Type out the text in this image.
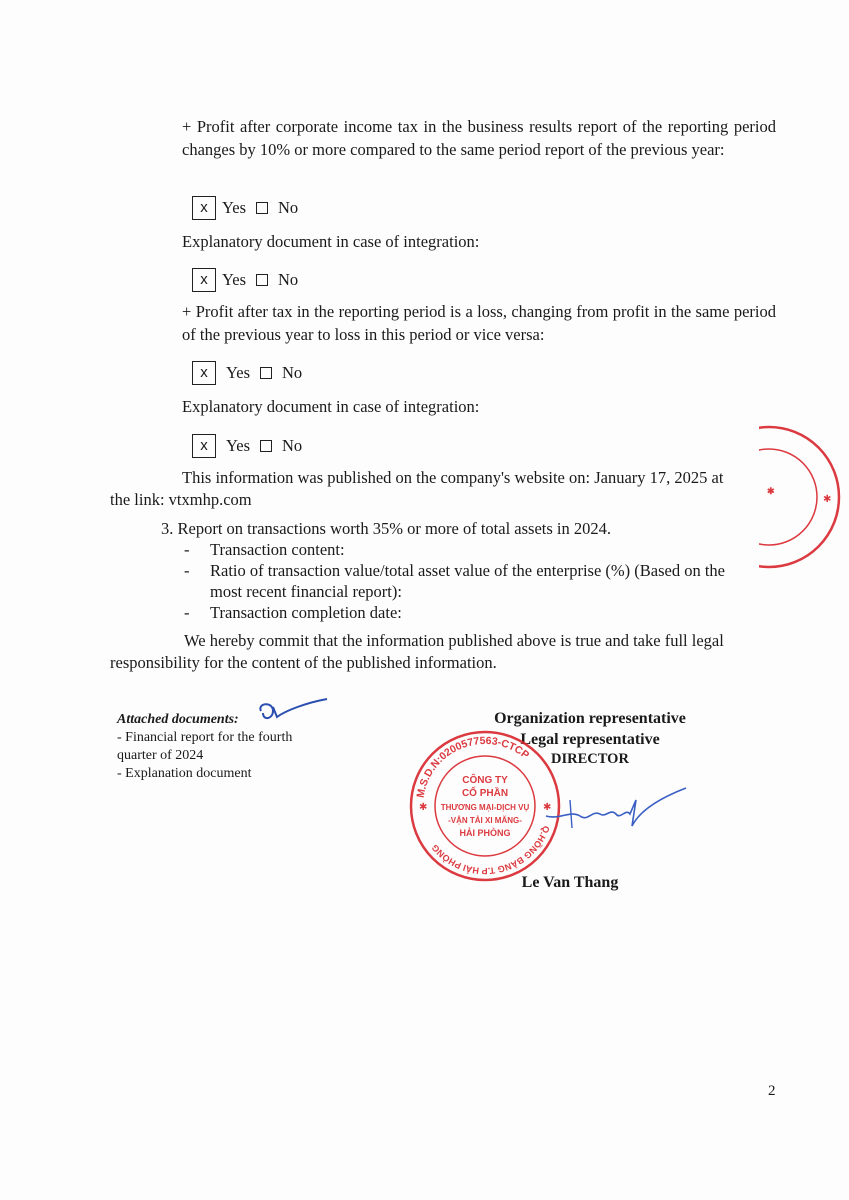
+ Profit after corporate income tax in the business results report of the reporting period changes by 10% or more compared to the same period report of the previous year:
x Yes No
Explanatory document in case of integration:
x Yes No
+ Profit after tax in the reporting period is a loss, changing from profit in the same period of the previous year to loss in this period or vice versa:
x	Yes No
Explanatory document in case of integration:
x	Yes No
This information was published on the company's website on: January 17, 2025 at
the link: vtxmhp.com
3. Report on transactions worth 35% or more of total assets in 2024.
- Transaction content:
- Ratio of transaction value/total asset value of the enterprise (%) (Based on the
most recent financial report):
- Transaction completion date:
We hereby commit that the information published above is true and take full legal
responsibility for the content of the published information.
Attached documents:
- Financial report for the fourth quarter of 2024
- Explanation document
Organization representative
Legal representative
DIRECTOR
M.S.D.N:0200577563-CTCP
Q.HỒNG BÀNG T.P HẢI PHÒNG
CÔNG TY
CỔ PHẦN
THƯƠNG MẠI-DỊCH VỤ
-VẬN TẢI XI MĂNG-
HẢI PHÒNG
✱	✱
Le Van Thang
✱
✱
2
